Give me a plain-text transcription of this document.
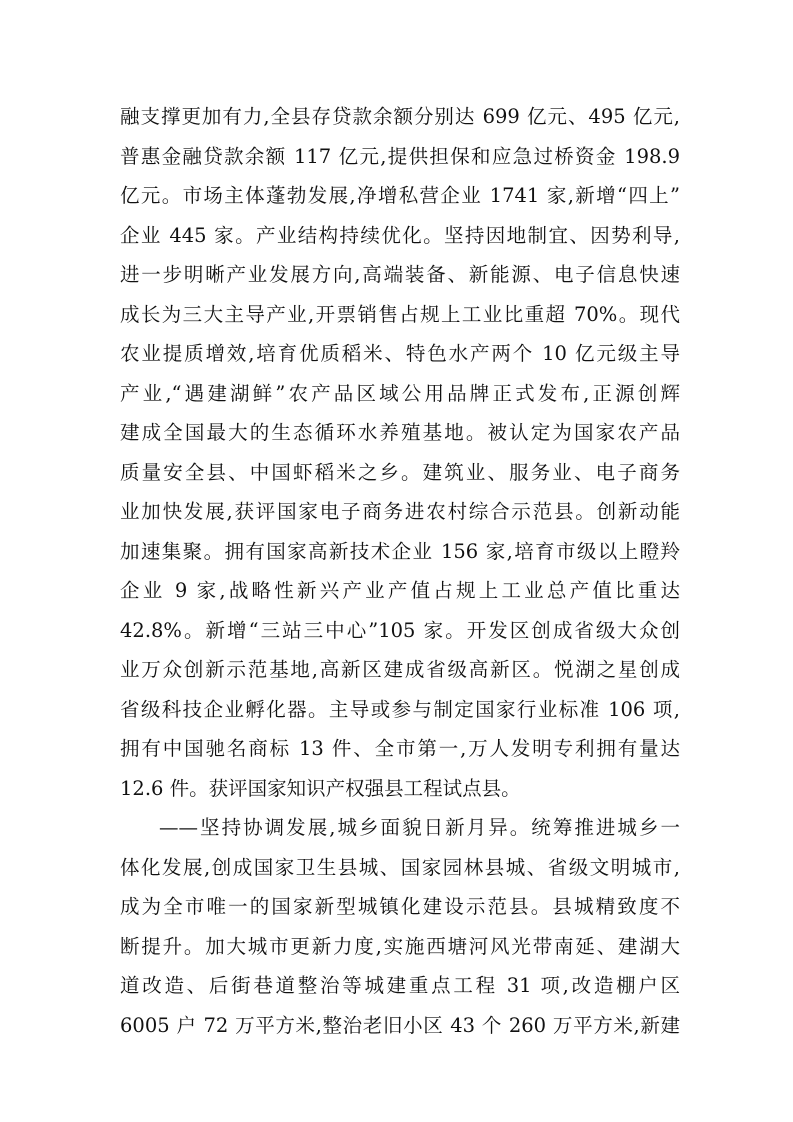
融支撑更加有力,全县存贷款余额分别达 699 亿元、495 亿元,
普惠金融贷款余额 117 亿元,提供担保和应急过桥资金 198.9
亿元。市场主体蓬勃发展,净增私营企业 1741 家,新增“四上”
企业 445 家。产业结构持续优化。坚持因地制宜、因势利导,
进一步明晰产业发展方向,高端装备、新能源、电子信息快速
成长为三大主导产业,开票销售占规上工业比重超 70%。现代
农业提质增效,培育优质稻米、特色水产两个 10 亿元级主导
产业,“遇建湖鲜”农产品区域公用品牌正式发布,正源创辉
建成全国最大的生态循环水养殖基地。被认定为国家农产品
质量安全县、中国虾稻米之乡。建筑业、服务业、电子商务
业加快发展,获评国家电子商务进农村综合示范县。创新动能
加速集聚。拥有国家高新技术企业 156 家,培育市级以上瞪羚
企业 9 家,战略性新兴产业产值占规上工业总产值比重达
42.8%。新增“三站三中心”105 家。开发区创成省级大众创
业万众创新示范基地,高新区建成省级高新区。悦湖之星创成
省级科技企业孵化器。主导或参与制定国家行业标准 106 项,
拥有中国驰名商标 13 件、全市第一,万人发明专利拥有量达
12.6 件。获评国家知识产权强县工程试点县。
——坚持协调发展,城乡面貌日新月异。统筹推进城乡一
体化发展,创成国家卫生县城、国家园林县城、省级文明城市,
成为全市唯一的国家新型城镇化建设示范县。县城精致度不
断提升。加大城市更新力度,实施西塘河风光带南延、建湖大
道改造、后街巷道整治等城建重点工程 31 项,改造棚户区
6005 户 72 万平方米,整治老旧小区 43 个 260 万平方米,新建
